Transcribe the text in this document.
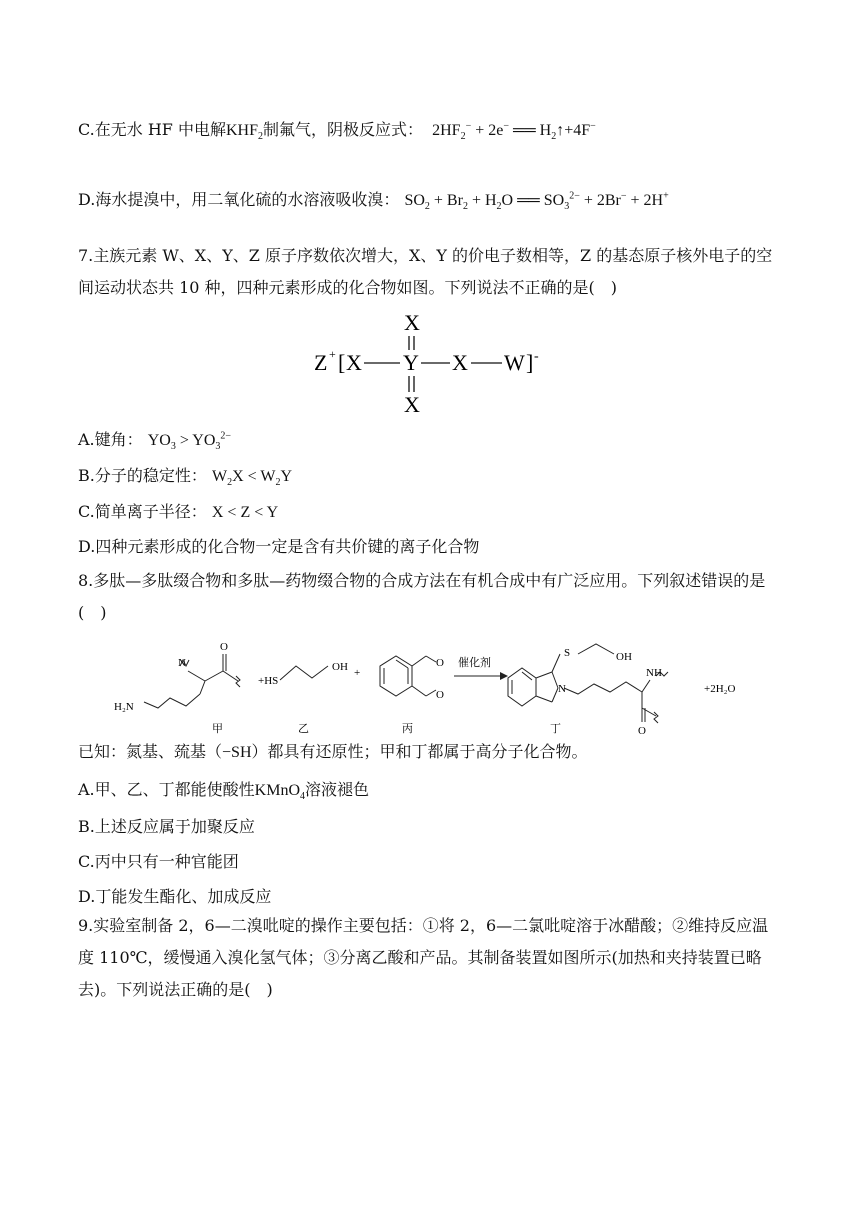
C.在无水 HF 中电解$KHF_2$制氟气，阴极反应式：  $2HF_2^- + 2e^-$ ══ $H_2↑+4F^-$
D.海水提溴中，用二氧化硫的水溶液吸收溴： $SO_2 + Br_2 + H_2O$ ══ $SO_3^{2-} + 2Br^- + 2H^+$
7.主族元素 W、X、Y、Z 原子序数依次增大，X、Y 的价电子数相等，Z 的基态原子核外电子的空间运动状态共 10 种，四种元素形成的化合物如图。下列说法不正确的是(　)
X
Z + [ X Y X W ] -
X
A.键角： $YO_3 > YO_3^{2-}$
B.分子的稳定性： $W_2X < W_2Y$
C.简单离子半径： X < Z < Y
D.四种元素形成的化合物一定是含有共价键的离子化合物
8.多肽—多肽缀合物和多肽—药物缀合物的合成方法在有机合成中有广泛应用。下列叙述错误的是(　)
N
O
H₂N
甲
+HS
OH
乙
+
O
O
丙
催化剂
S	OH
N
NH
O
丁
+2H₂O
已知：氮基、巯基（−SH）都具有还原性；甲和丁都属于高分子化合物。
A.甲、乙、丁都能使酸性KMnO$_4$溶液褪色
B.上述反应属于加聚反应
C.丙中只有一种官能团
D.丁能发生酯化、加成反应
9.实验室制备 2，6—二溴吡啶的操作主要包括：①将 2，6—二氯吡啶溶于冰醋酸；②维持反应温度 110℃，缓慢通入溴化氢气体；③分离乙酸和产品。其制备装置如图所示(加热和夹持装置已略去)。下列说法正确的是(　)
